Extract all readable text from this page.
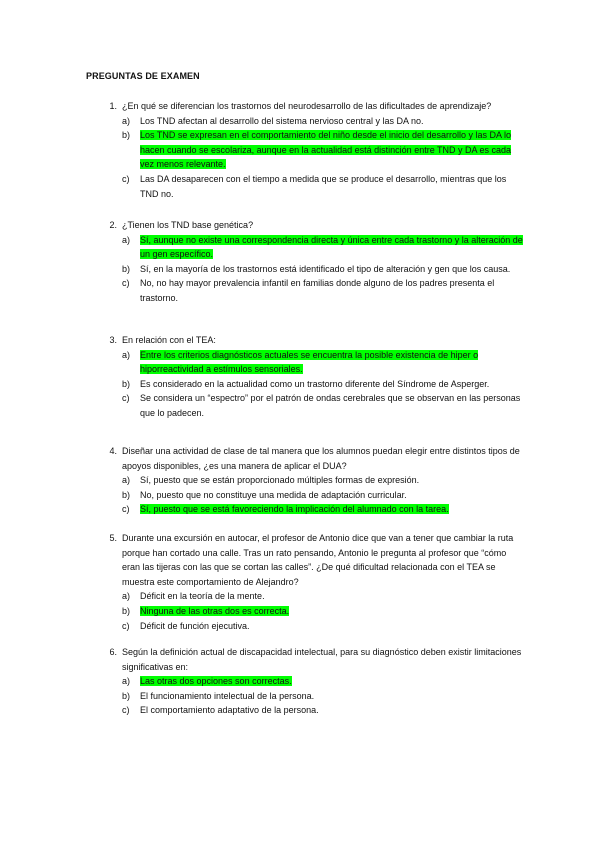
PREGUNTAS DE EXAMEN
1. ¿En qué se diferencian los trastornos del neurodesarrollo de las dificultades de aprendizaje?
a)	Los TND afectan al desarrollo del sistema nervioso central y las DA no.
b)	Los TND se expresan en el comportamiento del niño desde el inicio del desarrollo y las DA lo hacen cuando se escolariza, aunque en la actualidad está distinción entre TND y DA es cada vez menos relevante.
c)	Las DA desaparecen con el tiempo a medida que se produce el desarrollo, mientras que los TND no.
2. ¿Tienen los TND base genética?
a)	Sí, aunque no existe una correspondencia directa y única entre cada trastorno y la alteración de un gen específico.
b)	Sí, en la mayoría de los trastornos está identificado el tipo de alteración y gen que los causa.
c)	No, no hay mayor prevalencia infantil en familias donde alguno de los padres presenta el trastorno.
3. En relación con el TEA:
a)	Entre los criterios diagnósticos actuales se encuentra la posible existencia de hiper o hiporreactividad a estímulos sensoriales.
b)	Es considerado en la actualidad como un trastorno diferente del Síndrome de Asperger.
c)	Se considera un “espectro” por el patrón de ondas cerebrales que se observan en las personas que lo padecen.
4. Diseñar una actividad de clase de tal manera que los alumnos puedan elegir entre distintos tipos de apoyos disponibles, ¿es una manera de aplicar el DUA?
a)	Sí, puesto que se están proporcionado múltiples formas de expresión.
b)	No, puesto que no constituye una medida de adaptación curricular.
c)	Sí, puesto que se está favoreciendo la implicación del alumnado con la tarea.
5. Durante una excursión en autocar, el profesor de Antonio dice que van a tener que cambiar la ruta porque han cortado una calle. Tras un rato pensando, Antonio le pregunta al profesor que “cómo eran las tijeras con las que se cortan las calles”. ¿De qué dificultad relacionada con el TEA se muestra este comportamiento de Alejandro?
a)	Déficit en la teoría de la mente.
b)	Ninguna de las otras dos es correcta.
c)	Déficit de función ejecutiva.
6. Según la definición actual de discapacidad intelectual, para su diagnóstico deben existir limitaciones significativas en:
a)	Las otras dos opciones son correctas.
b)	El funcionamiento intelectual de la persona.
c)	El comportamiento adaptativo de la persona.
